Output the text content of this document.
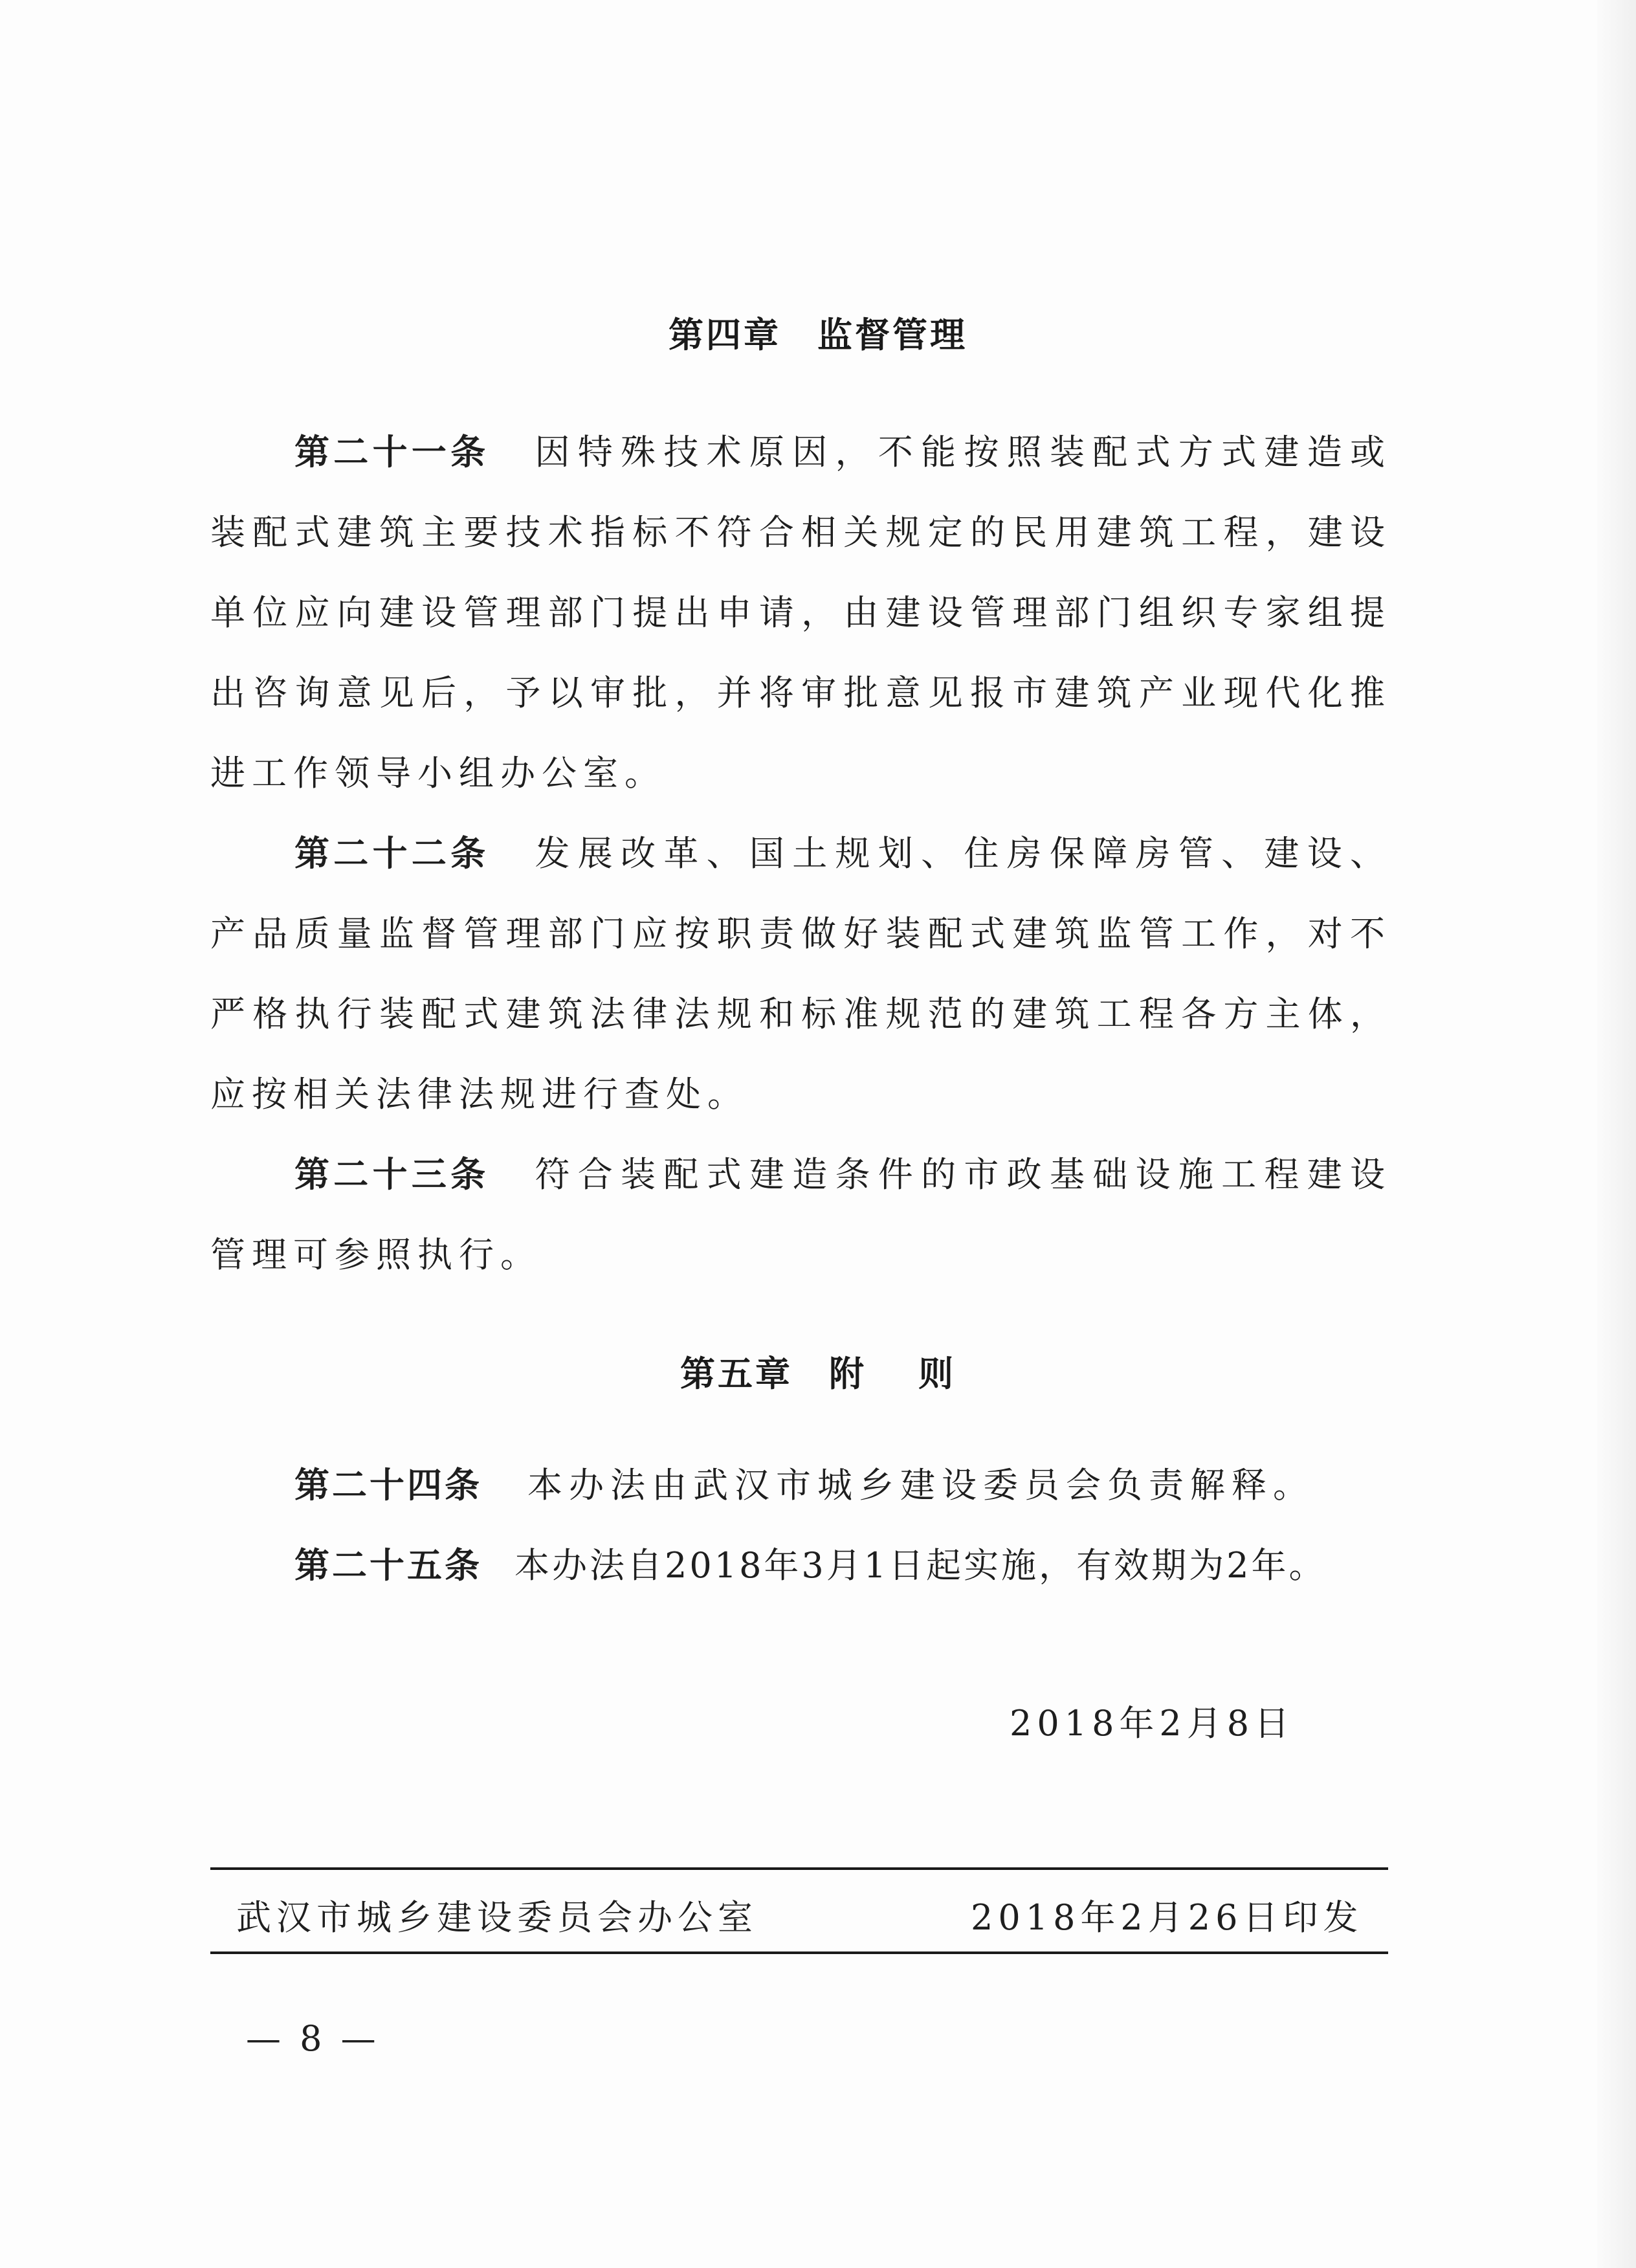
第四章 监督管理
第二十一条 因特殊技术原因，不能按照装配式方式建造或装配式建筑主要技术指标不符合相关规定的民用建筑工程，建设单位应向建设管理部门提出申请，由建设管理部门组织专家组提出咨询意见后，予以审批，并将审批意见报市建筑产业现代化推进工作领导小组办公室。
第二十二条 发展改革、国土规划、住房保障房管、建设、产品质量监督管理部门应按职责做好装配式建筑监管工作，对不严格执行装配式建筑法律法规和标准规范的建筑工程各方主体，应按相关法律法规进行查处。
第二十三条 符合装配式建造条件的市政基础设施工程建设管理可参照执行。
第五章 附 则
第二十四条 本办法由武汉市城乡建设委员会负责解释。
第二十五条 本办法自2018年3月1日起实施，有效期为2年。
2018年2月8日
武汉市城乡建设委员会办公室	2018年2月26日印发
— 8 —
